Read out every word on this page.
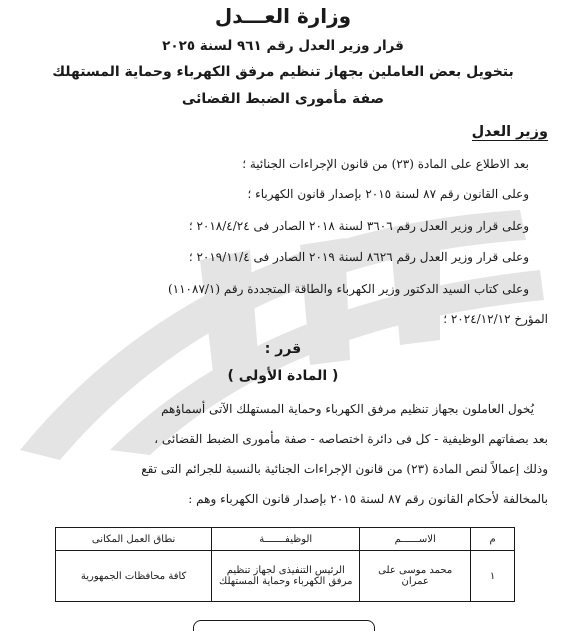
وزارة العـــدل
قرار وزير العدل رقم ٩٦١ لسنة ٢٠٢٥
بتخويل بعض العاملين بجهاز تنظيم مرفق الكهرباء وحماية المستهلك
صفة مأمورى الضبط القضائى
وزير العدل
بعد الاطلاع على المادة (٢٣) من قانون الإجراءات الجنائية ؛
وعلى القانون رقم ٨٧ لسنة ٢٠١٥ بإصدار قانون الكهرباء ؛
وعلى قرار وزير العدل رقم ٣٦٠٦ لسنة ٢٠١٨ الصادر فى ٢٠١٨/٤/٢٤ ؛
وعلى قرار وزير العدل رقم ٨٦٢٦ لسنة ٢٠١٩ الصادر فى ٢٠١٩/١١/٤ ؛
وعلى كتاب السيد الدكتور وزير الكهرباء والطاقة المتجددة رقم (١١٠٨٧/١)
المؤرخ ٢٠٢٤/١٢/١٢ ؛
قرر :
( المادة الأولى )
يُخول العاملون بجهاز تنظيم مرفق الكهرباء وحماية المستهلك الآتى أسماؤهم
بعد بصفاتهم الوظيفية - كل فى دائرة اختصاصه - صفة مأمورى الضبط القضائى ،
وذلك إعمالاً لنص المادة (٢٣) من قانون الإجراءات الجنائية بالنسبة للجرائم التى تقع
بالمخالفة لأحكام القانون رقم ٨٧ لسنة ٢٠١٥ بإصدار قانون الكهرباء وهم :
م	الاســــــم	الوظيفـــــــة	نطاق العمل المكانى
١	محمد موسى على عمران	الرئيس التنفيذى لجهاز تنظيم مرفق الكهرباء وحماية المستهلك	كافة محافظات الجمهورية
